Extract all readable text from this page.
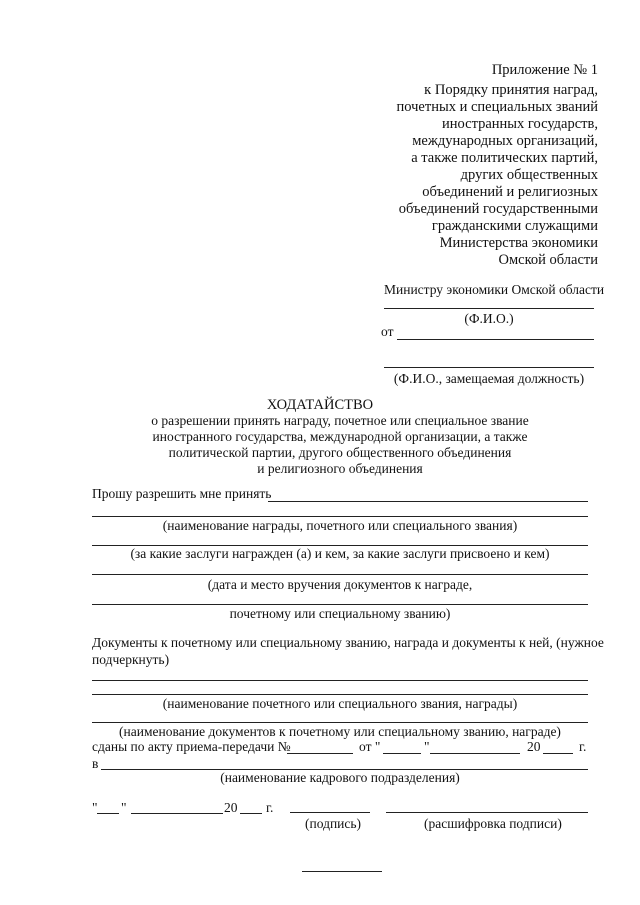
Приложение № 1
к Порядку принятия наград,
почетных и специальных званий
иностранных государств,
международных организаций,
а также политических партий,
других общественных
объединений и религиозных
объединений государственными
гражданскими служащими
Министерства экономики
Омской области
Министру экономики Омской области
(Ф.И.О.)
от
(Ф.И.О., замещаемая должность)
ХОДАТАЙСТВО
о разрешении принять награду, почетное или специальное звание
иностранного государства, международной организации, а также
политической партии, другого общественного объединения
и религиозного объединения
Прошу разрешить мне принять
(наименование награды, почетного или специального звания)
(за какие заслуги награжден (а) и кем, за какие заслуги присвоено и кем)
(дата и место вручения документов к награде,
почетному или специальному званию)
Документы к почетному или специальному званию, награда и документы к ней, (нужное
подчеркнуть)
(наименование почетного или специального звания, награды)
(наименование документов к почетному или специальному званию, награде)
сданы по акту приема-передачи №	от "	"	20	г.
в
(наименование кадрового подразделения)
" "	20 г.
(подпись)	(расшифровка подписи)
